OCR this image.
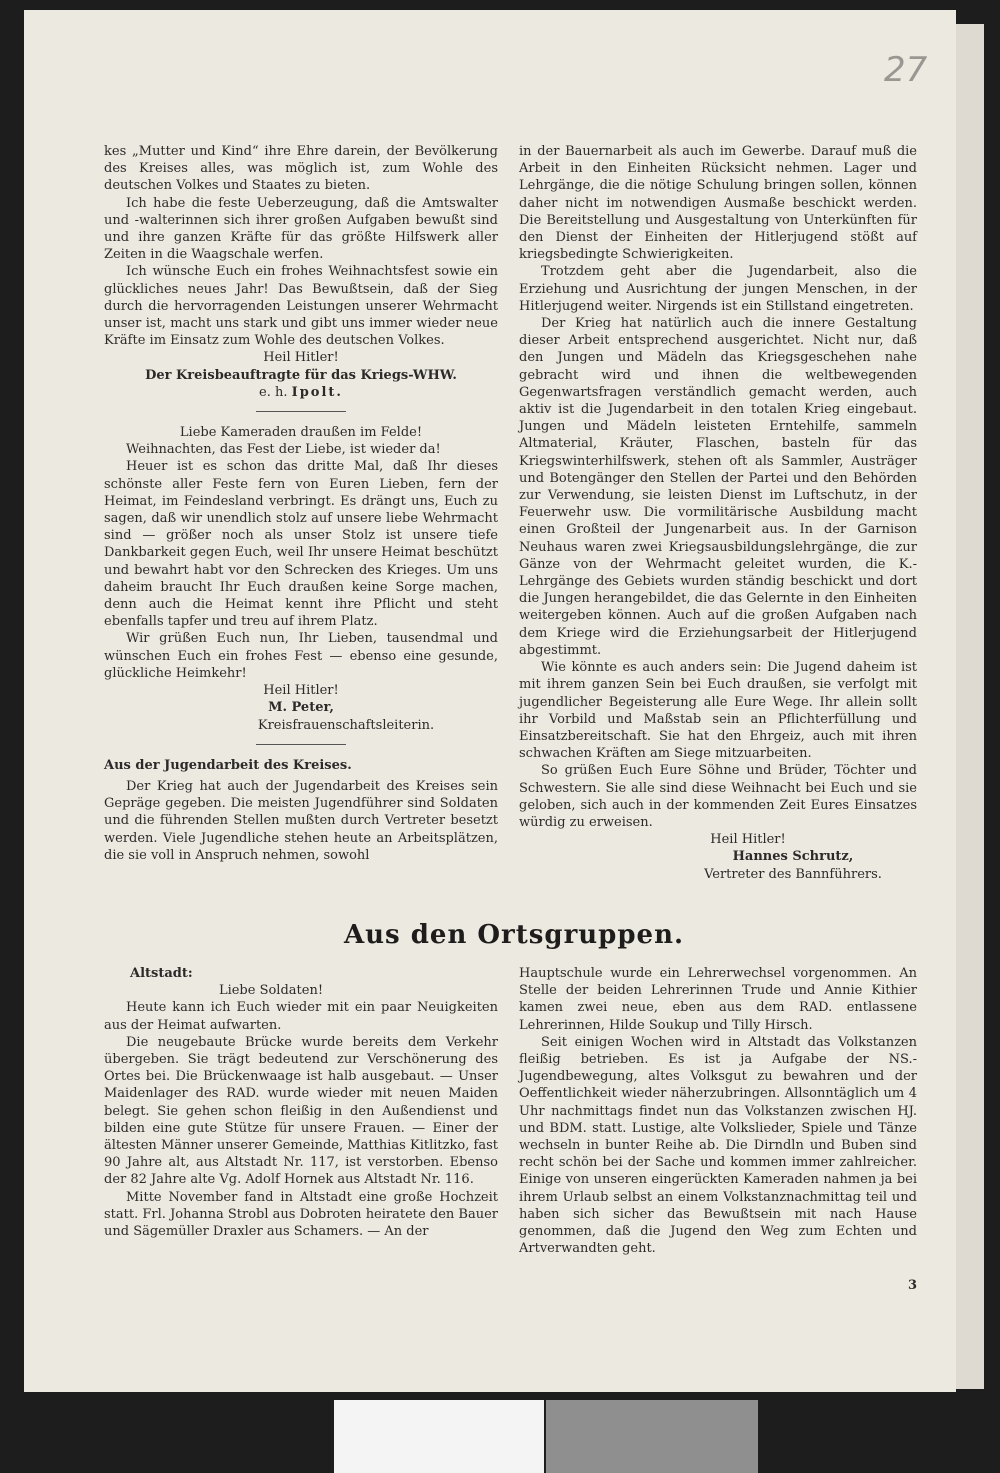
27

kes „Mutter und Kind“ ihre Ehre darein, der Bevölkerung des Kreises alles, was möglich ist, zum Wohle des deutschen Volkes und Staates zu bieten.

Ich habe die feste Ueberzeugung, daß die Amtswalter und -walterinnen sich ihrer großen Aufgaben bewußt sind und ihre ganzen Kräfte für das größte Hilfswerk aller Zeiten in die Waagschale werfen.

Ich wünsche Euch ein frohes Weihnachtsfest sowie ein glückliches neues Jahr! Das Bewußtsein, daß der Sieg durch die hervorragenden Leistungen unserer Wehrmacht unser ist, macht uns stark und gibt uns immer wieder neue Kräfte im Einsatz zum Wohle des deutschen Volkes.

Heil Hitler!

Der Kreisbeauftragte für das Kriegs-WHW.

e. h. Ipolt.

Liebe Kameraden draußen im Felde!

Weihnachten, das Fest der Liebe, ist wieder da!

Heuer ist es schon das dritte Mal, daß Ihr dieses schönste aller Feste fern von Euren Lieben, fern der Heimat, im Feindesland verbringt. Es drängt uns, Euch zu sagen, daß wir unendlich stolz auf unsere liebe Wehrmacht sind — größer noch als unser Stolz ist unsere tiefe Dankbarkeit gegen Euch, weil Ihr unsere Heimat beschützt und bewahrt habt vor den Schrecken des Krieges. Um uns daheim braucht Ihr Euch draußen keine Sorge machen, denn auch die Heimat kennt ihre Pflicht und steht ebenfalls tapfer und treu auf ihrem Platz.

Wir grüßen Euch nun, Ihr Lieben, tausendmal und wünschen Euch ein frohes Fest — ebenso eine gesunde, glückliche Heimkehr!

Heil Hitler!

M. Peter,

Kreisfrauenschaftsleiterin.

Aus der Jugendarbeit des Kreises.

Der Krieg hat auch der Jugendarbeit des Kreises sein Gepräge gegeben. Die meisten Jugendführer sind Soldaten und die führenden Stellen mußten durch Vertreter besetzt werden. Viele Jugendliche stehen heute an Arbeitsplätzen, die sie voll in Anspruch nehmen, sowohl

in der Bauernarbeit als auch im Gewerbe. Darauf muß die Arbeit in den Einheiten Rücksicht nehmen. Lager und Lehrgänge, die die nötige Schulung bringen sollen, können daher nicht im notwendigen Ausmaße beschickt werden. Die Bereitstellung und Ausgestaltung von Unterkünften für den Dienst der Einheiten der Hitlerjugend stößt auf kriegsbedingte Schwierigkeiten.

Trotzdem geht aber die Jugendarbeit, also die Erziehung und Ausrichtung der jungen Menschen, in der Hitlerjugend weiter. Nirgends ist ein Stillstand eingetreten.

Der Krieg hat natürlich auch die innere Gestaltung dieser Arbeit entsprechend ausgerichtet. Nicht nur, daß den Jungen und Mädeln das Kriegsgeschehen nahe gebracht wird und ihnen die weltbewegenden Gegenwartsfragen verständlich gemacht werden, auch aktiv ist die Jugendarbeit in den totalen Krieg eingebaut. Jungen und Mädeln leisteten Erntehilfe, sammeln Altmaterial, Kräuter, Flaschen, basteln für das Kriegswinterhilfswerk, stehen oft als Sammler, Austräger und Botengänger den Stellen der Partei und den Behörden zur Verwendung, sie leisten Dienst im Luftschutz, in der Feuerwehr usw. Die vormilitärische Ausbildung macht einen Großteil der Jungenarbeit aus. In der Garnison Neuhaus waren zwei Kriegsausbildungslehrgänge, die zur Gänze von der Wehrmacht geleitet wurden, die K.-Lehrgänge des Gebiets wurden ständig beschickt und dort die Jungen herangebildet, die das Gelernte in den Einheiten weitergeben können. Auch auf die großen Aufgaben nach dem Kriege wird die Erziehungsarbeit der Hitlerjugend abgestimmt.

Wie könnte es auch anders sein: Die Jugend daheim ist mit ihrem ganzen Sein bei Euch draußen, sie verfolgt mit jugendlicher Begeisterung alle Eure Wege. Ihr allein sollt ihr Vorbild und Maßstab sein an Pflichterfüllung und Einsatzbereitschaft. Sie hat den Ehrgeiz, auch mit ihren schwachen Kräften am Siege mitzuarbeiten.

So grüßen Euch Eure Söhne und Brüder, Töchter und Schwestern. Sie alle sind diese Weihnacht bei Euch und sie geloben, sich auch in der kommenden Zeit Eures Einsatzes würdig zu erweisen.

Heil Hitler!

Hannes Schrutz,

Vertreter des Bannführers.

Aus den Ortsgruppen.

Altstadt:

Liebe Soldaten!

Heute kann ich Euch wieder mit ein paar Neuigkeiten aus der Heimat aufwarten.

Die neugebaute Brücke wurde bereits dem Verkehr übergeben. Sie trägt bedeutend zur Verschönerung des Ortes bei. Die Brückenwaage ist halb ausgebaut. — Unser Maidenlager des RAD. wurde wieder mit neuen Maiden belegt. Sie gehen schon fleißig in den Außendienst und bilden eine gute Stütze für unsere Frauen. — Einer der ältesten Männer unserer Gemeinde, Matthias Kitlitzko, fast 90 Jahre alt, aus Altstadt Nr. 117, ist verstorben. Ebenso der 82 Jahre alte Vg. Adolf Hornek aus Altstadt Nr. 116.

Mitte November fand in Altstadt eine große Hochzeit statt. Frl. Johanna Strobl aus Dobroten heiratete den Bauer und Sägemüller Draxler aus Schamers. — An der

Hauptschule wurde ein Lehrerwechsel vorgenommen. An Stelle der beiden Lehrerinnen Trude und Annie Kithier kamen zwei neue, eben aus dem RAD. entlassene Lehrerinnen, Hilde Soukup und Tilly Hirsch.

Seit einigen Wochen wird in Altstadt das Volkstanzen fleißig betrieben. Es ist ja Aufgabe der NS.-Jugendbewegung, altes Volksgut zu bewahren und der Oeffentlichkeit wieder näherzubringen. Allsonntäglich um 4 Uhr nachmittags findet nun das Volkstanzen zwischen HJ. und BDM. statt. Lustige, alte Volkslieder, Spiele und Tänze wechseln in bunter Reihe ab. Die Dirndln und Buben sind recht schön bei der Sache und kommen immer zahlreicher. Einige von unseren eingerückten Kameraden nahmen ja bei ihrem Urlaub selbst an einem Volkstanznachmittag teil und haben sich sicher das Bewußtsein mit nach Hause genommen, daß die Jugend den Weg zum Echten und Artverwandten geht.

3
